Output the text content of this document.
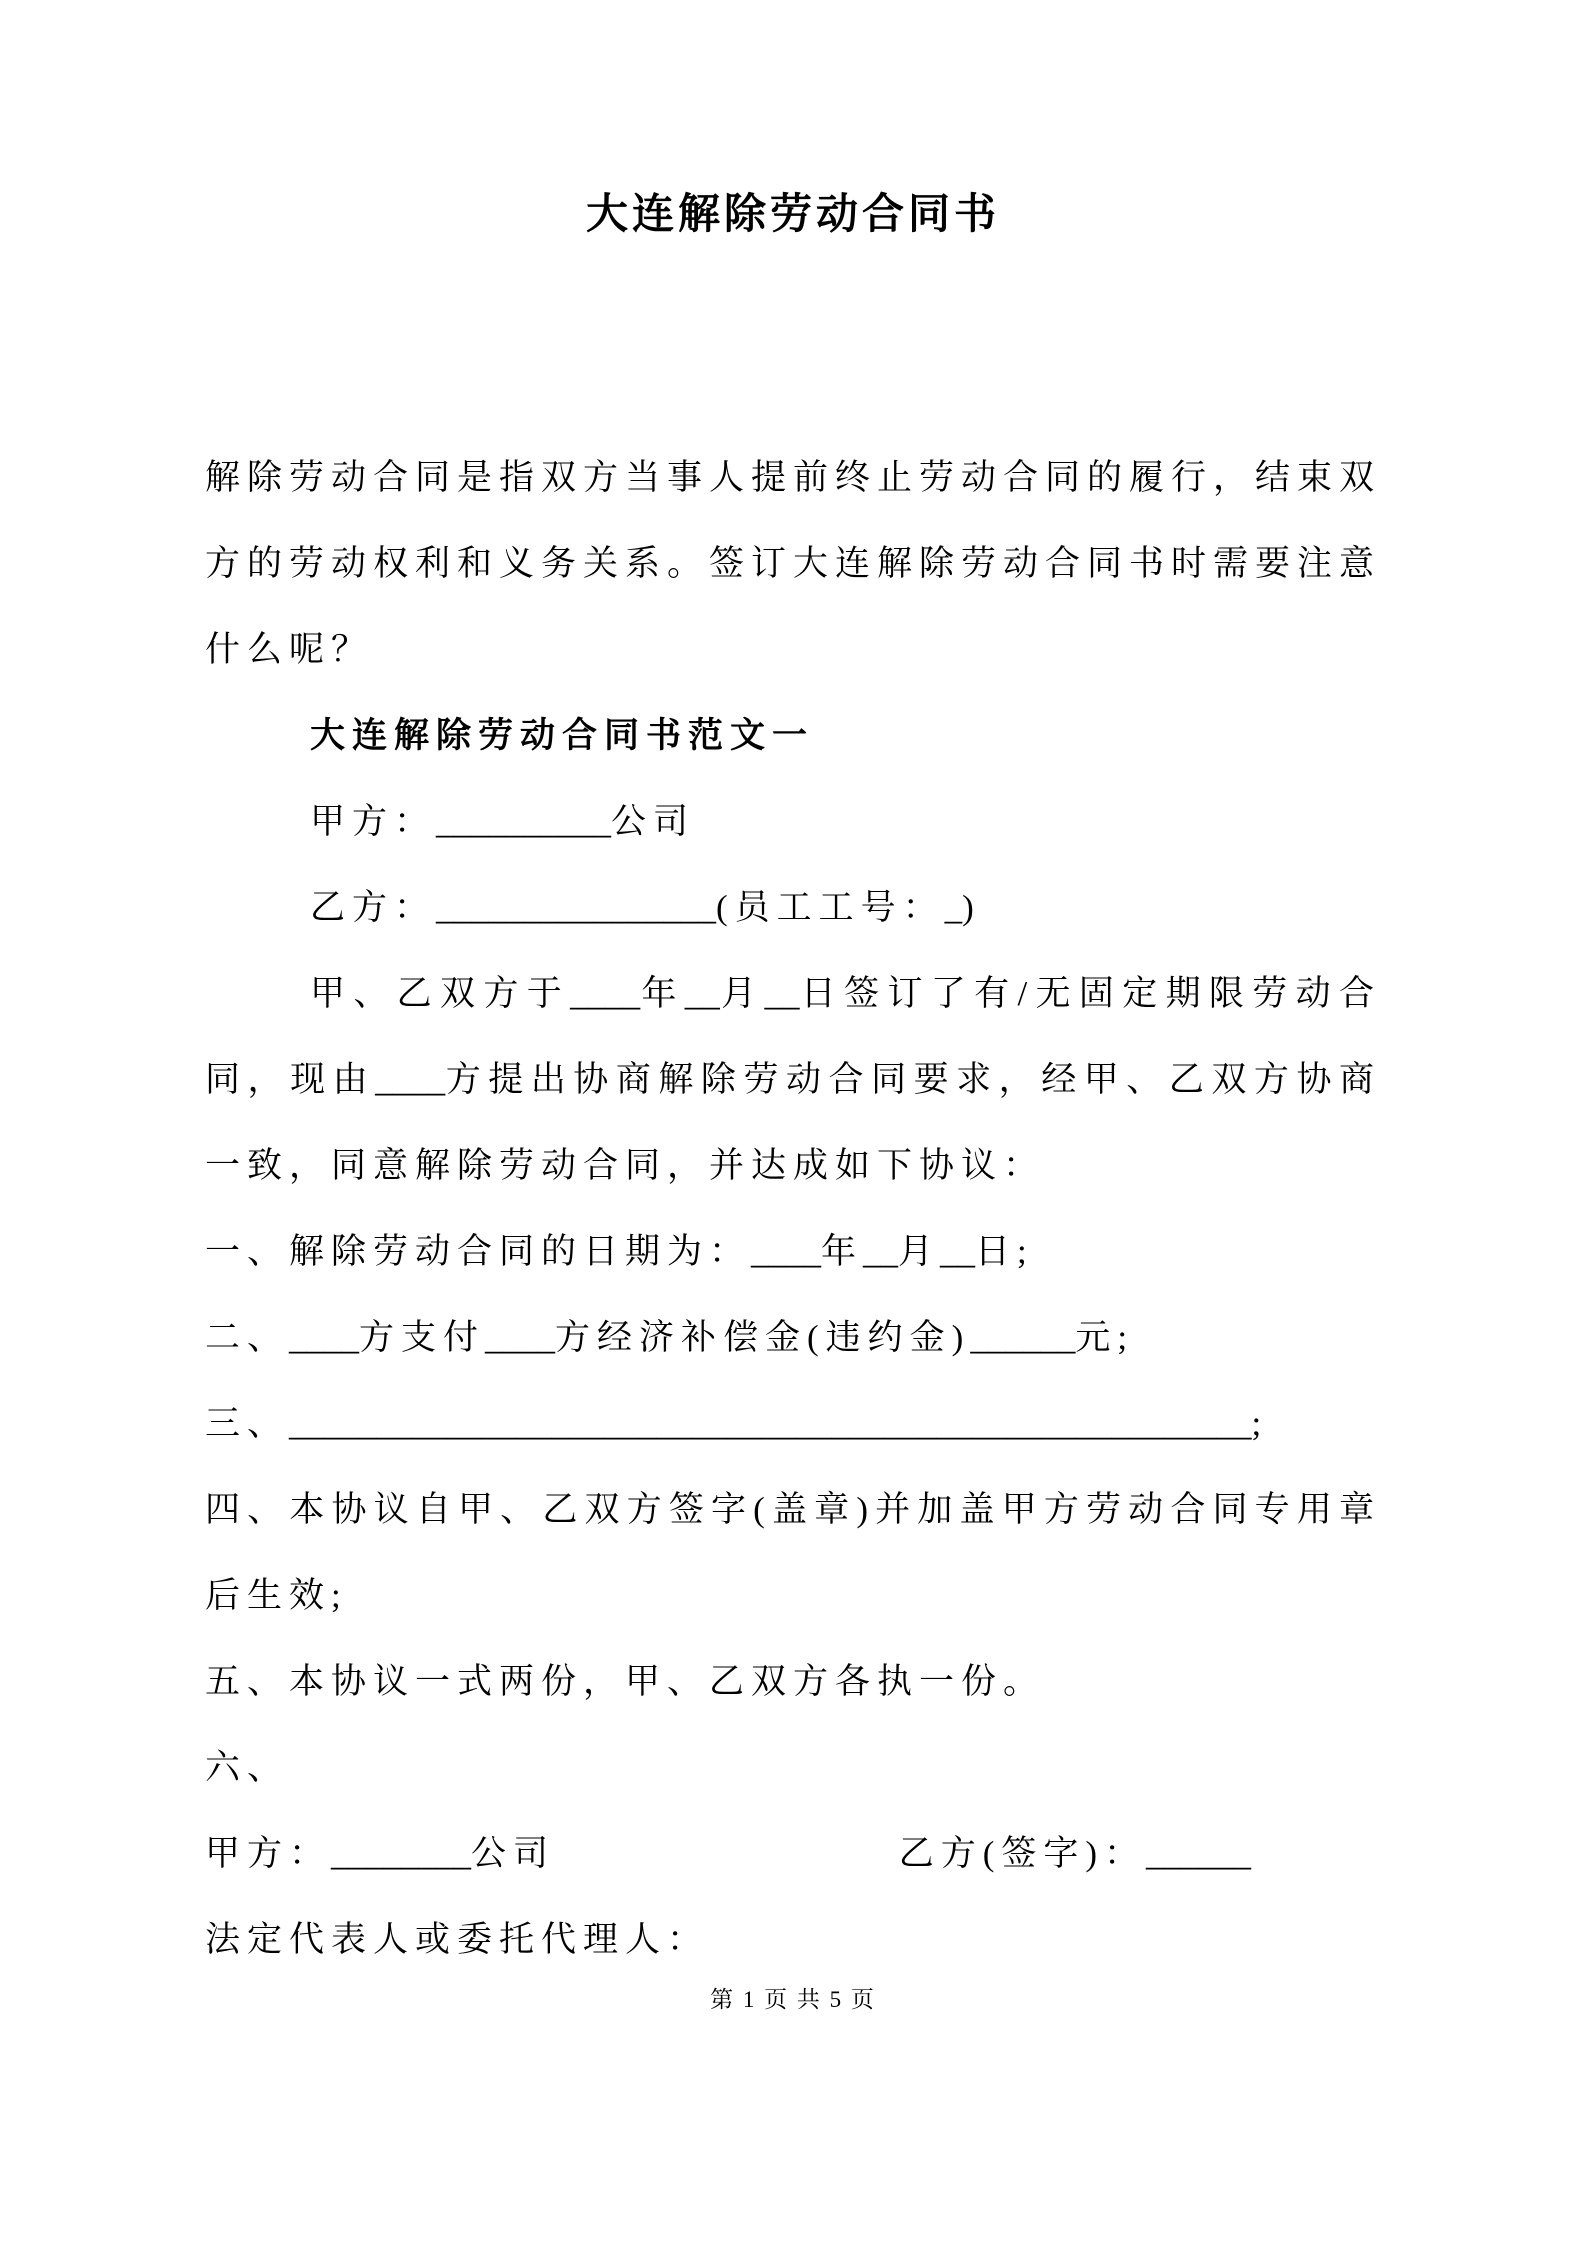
大连解除劳动合同书

解除劳动合同是指双方当事人提前终止劳动合同的履行，结束双方的劳动权利和义务关系。签订大连解除劳动合同书时需要注意什么呢？

大连解除劳动合同书范文一

甲方：__________公司

乙方：________________(员工工号：_)

甲、乙双方于____年__月__日签订了有/无固定期限劳动合同，现由____方提出协商解除劳动合同要求，经甲、乙双方协商一致，同意解除劳动合同，并达成如下协议：

一、解除劳动合同的日期为：____年__月__日;

二、____方支付____方经济补偿金(违约金)______元;

三、_______________________________________________________;

四、本协议自甲、乙双方签字(盖章)并加盖甲方劳动合同专用章后生效;

五、本协议一式两份，甲、乙双方各执一份。

六、

甲方：________公司	乙方(签字)：______

法定代表人或委托代理人：

第 1 页 共 5 页
